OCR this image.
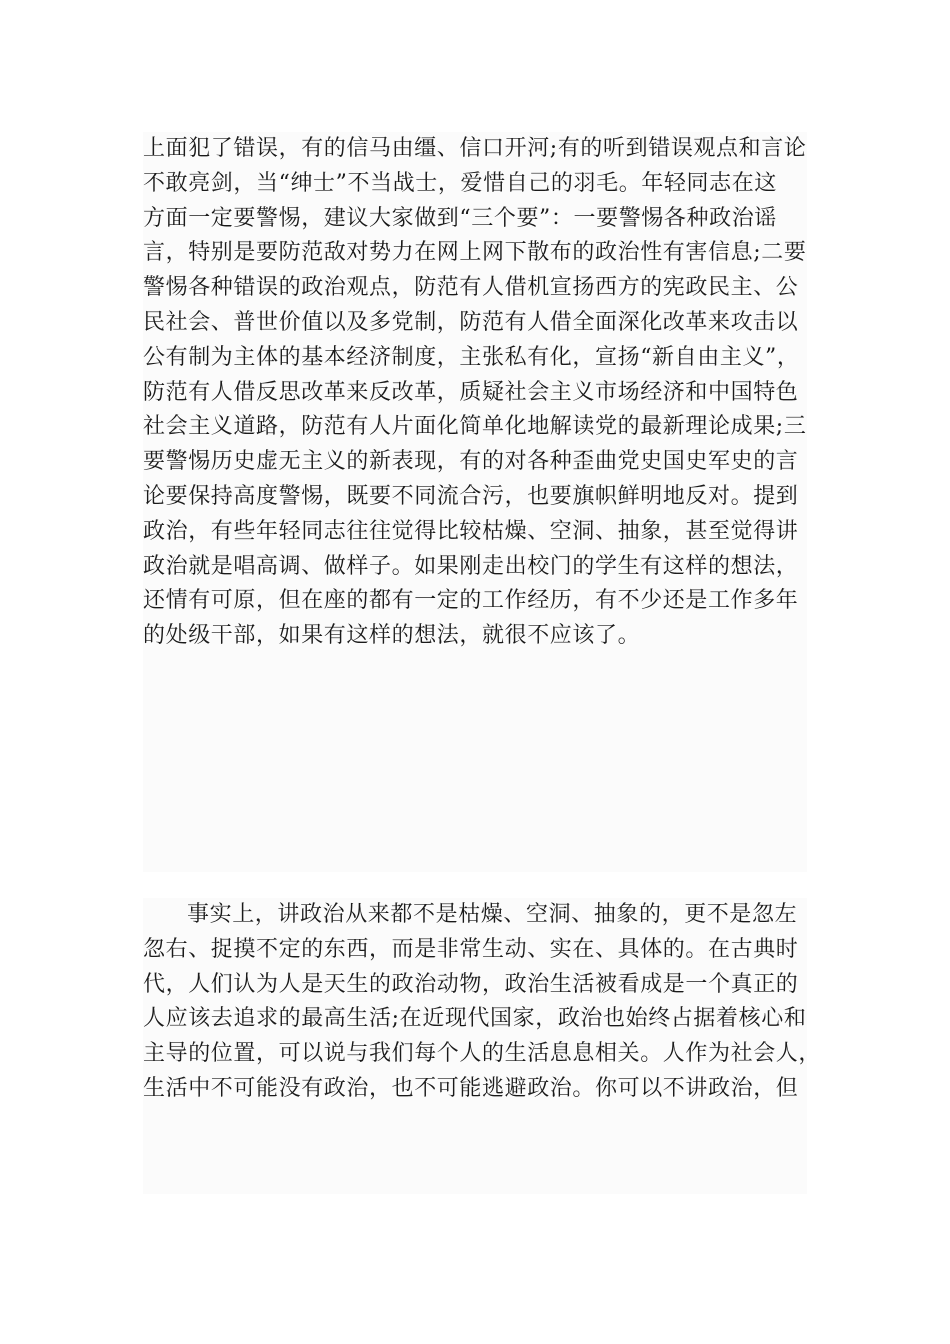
上面犯了错误，有的信马由缰、信口开河;有的听到错误观点和言论
不敢亮剑，当“绅士”不当战士，爱惜自己的羽毛。年轻同志在这
方面一定要警惕，建议大家做到“三个要”：一要警惕各种政治谣
言，特别是要防范敌对势力在网上网下散布的政治性有害信息;二要
警惕各种错误的政治观点，防范有人借机宣扬西方的宪政民主、公
民社会、普世价值以及多党制，防范有人借全面深化改革来攻击以
公有制为主体的基本经济制度，主张私有化，宣扬“新自由主义”，
防范有人借反思改革来反改革，质疑社会主义市场经济和中国特色
社会主义道路，防范有人片面化简单化地解读党的最新理论成果;三
要警惕历史虚无主义的新表现，有的对各种歪曲党史国史军史的言
论要保持高度警惕，既要不同流合污，也要旗帜鲜明地反对。提到
政治，有些年轻同志往往觉得比较枯燥、空洞、抽象，甚至觉得讲
政治就是唱高调、做样子。如果刚走出校门的学生有这样的想法，
还情有可原，但在座的都有一定的工作经历，有不少还是工作多年
的处级干部，如果有这样的想法，就很不应该了。
事实上，讲政治从来都不是枯燥、空洞、抽象的，更不是忽左
忽右、捉摸不定的东西，而是非常生动、实在、具体的。在古典时
代，人们认为人是天生的政治动物，政治生活被看成是一个真正的
人应该去追求的最高生活;在近现代国家，政治也始终占据着核心和
主导的位置，可以说与我们每个人的生活息息相关。人作为社会人，
生活中不可能没有政治，也不可能逃避政治。你可以不讲政治，但
